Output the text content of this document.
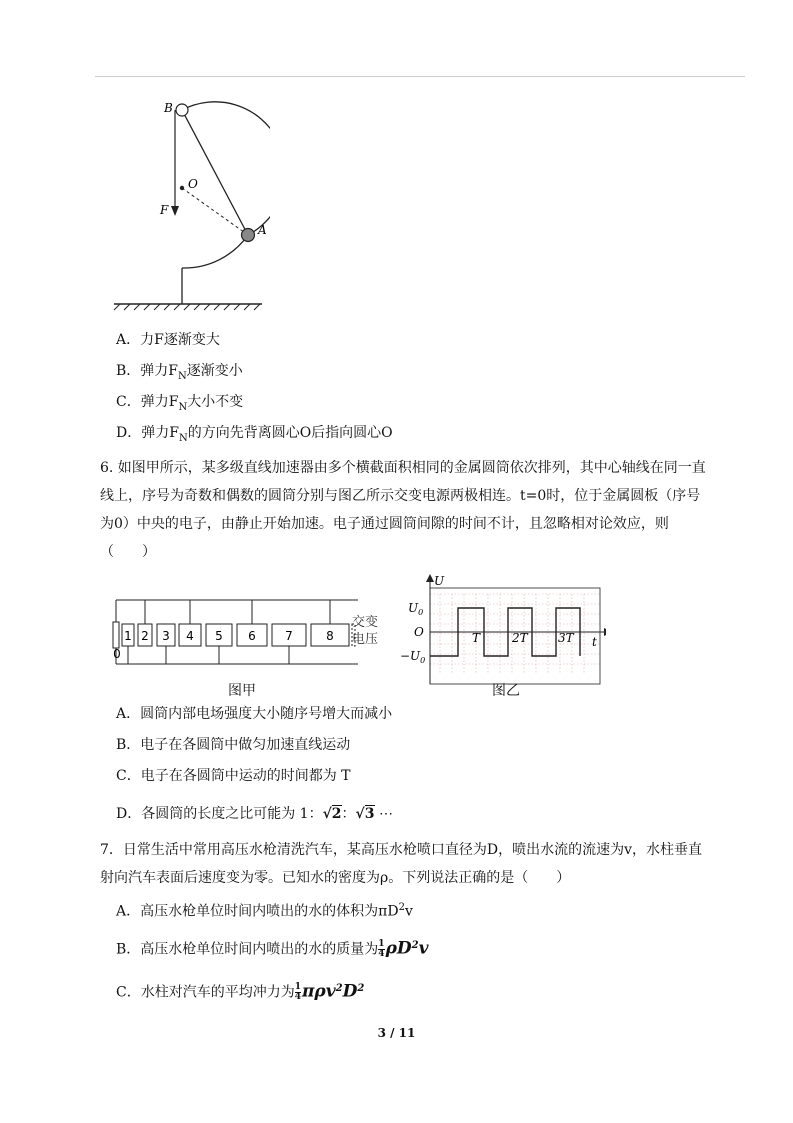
B
O
F
A
A．力F逐渐变大
B．弹力$F_N$逐渐变小
C．弹力$F_N$大小不变
D．弹力$F_N$的方向先背离圆心O后指向圆心O
6. 如图甲所示，某多级直线加速器由多个横截面积相同的金属圆筒依次排列，其中心轴线在同一直线上，序号为奇数和偶数的圆筒分别与图乙所示交变电源两极相连。t=0时，位于金属圆板（序号为0）中央的电子，由静止开始加速。电子通过圆筒间隙的时间不计，且忽略相对论效应，则（　　）
1 2 3 4 5 6 7	8
0
交变
电压
图甲
U
t
O
$U_0$
$-U_0$
T	2T	3T
图乙
A．圆筒内部电场强度大小随序号增大而减小
B．电子在各圆筒中做匀加速直线运动
C．电子在各圆筒中运动的时间都为 T
D．各圆筒的长度之比可能为 1：√2：√3 ⋯
7．日常生活中常用高压水枪清洗汽车，某高压水枪喷口直径为D，喷出水流的流速为v，水柱垂直射向汽车表面后速度变为零。已知水的密度为ρ。下列说法正确的是（　　）
A．高压水枪单位时间内喷出的水的体积为$\pi D^2v$
B．高压水枪单位时间内喷出的水的质量为 $\frac{1}{4} \rho D^2v$
C．水柱对汽车的平均冲力为 $\frac{1}{4} \pi\rho v^2D^2$
3 / 11
